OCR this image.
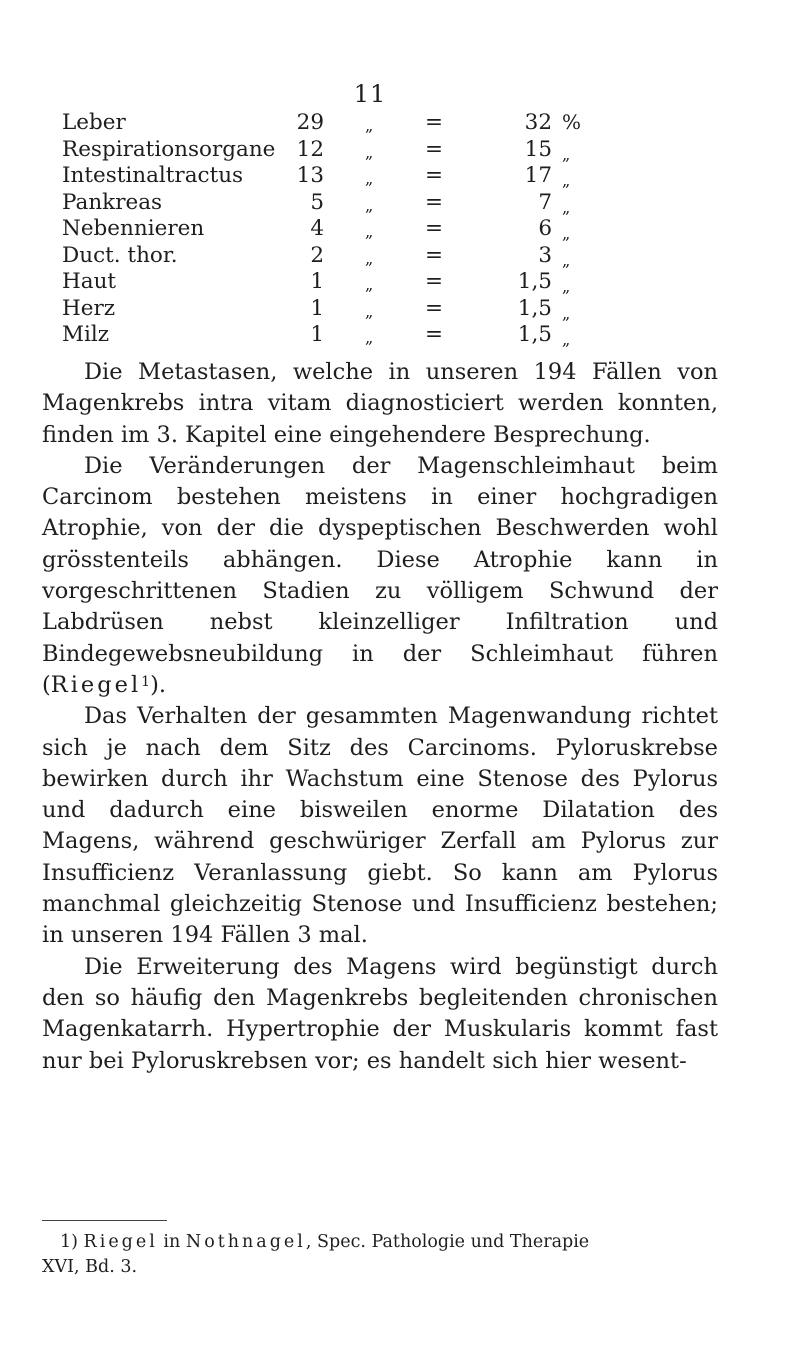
11
Leber	29	„ =	32 %
Respirationsorgane 12	„ =	15 „
Intestinaltractus	13	„ =	17 „
Pankreas	5	„ =	7 „
Nebennieren	4	„ =	6 „
Duct. thor.	2	„ =	3 „
Haut	1	„ =	1,5 „
Herz	1	„ =	1,5 „
Milz	1	„ =	1,5 „

Die Metastasen, welche in unseren 194 Fällen von Magenkrebs intra vitam diagnosticiert werden konnten, finden im 3. Kapitel eine eingehendere Besprechung.

Die Veränderungen der Magenschleimhaut beim Carcinom bestehen meistens in einer hochgradigen Atrophie, von der die dyspeptischen Beschwerden wohl grösstenteils abhängen. Diese Atrophie kann in vorgeschrittenen Stadien zu völligem Schwund der Labdrüsen nebst kleinzelliger Infiltration und Bindegewebsneubildung in der Schleimhaut führen (Riegel$^1$).

Das Verhalten der gesammten Magenwandung richtet sich je nach dem Sitz des Carcinoms. Pyloruskrebse bewirken durch ihr Wachstum eine Stenose des Pylorus und dadurch eine bisweilen enorme Dilatation des Magens, während geschwüriger Zerfall am Pylorus zur Insufficienz Veranlassung giebt. So kann am Pylorus manchmal gleichzeitig Stenose und Insufficienz bestehen; in unseren 194 Fällen 3 mal.

Die Erweiterung des Magens wird begünstigt durch den so häufig den Magenkrebs begleitenden chronischen Magenkatarrh. Hypertrophie der Muskularis kommt fast nur bei Pyloruskrebsen vor; es handelt sich hier wesent-

1) Riegel in Nothnagel, Spec. Pathologie und Therapie
XVI, Bd. 3.
